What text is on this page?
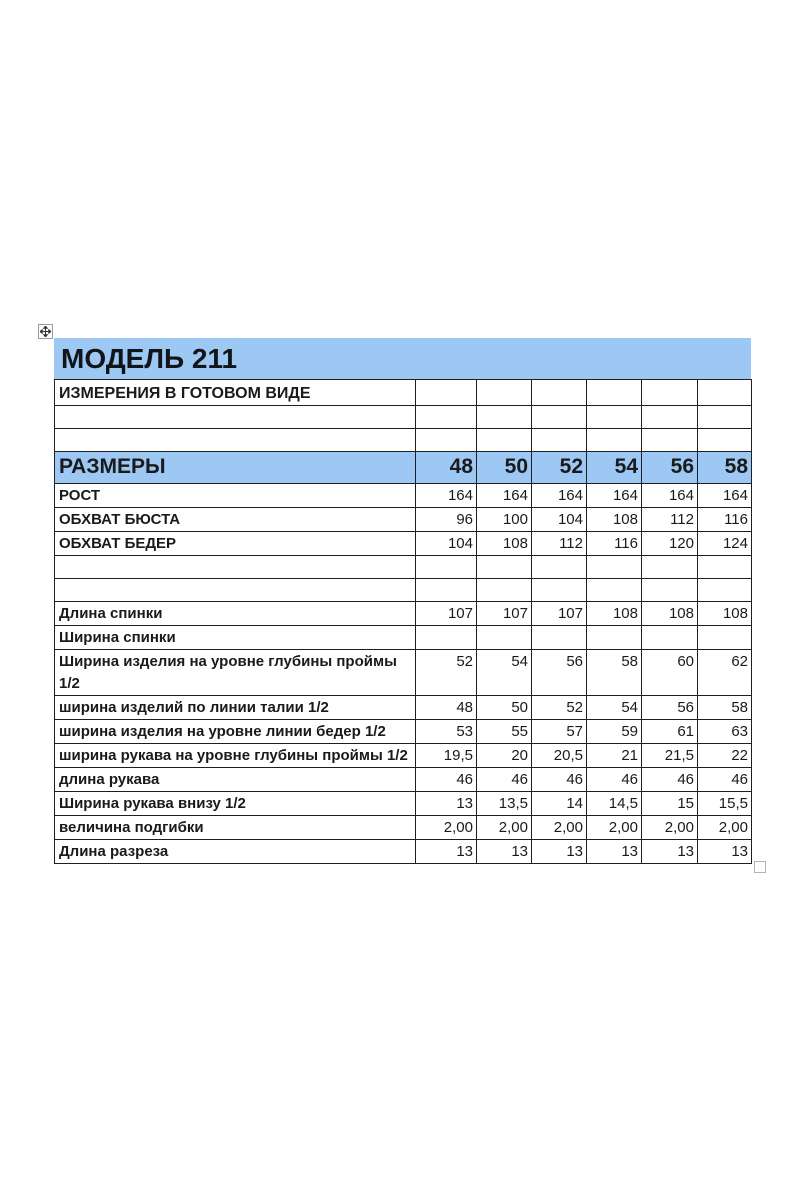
МОДЕЛЬ 211
ИЗМЕРЕНИЯ В ГОТОВОМ ВИДЕ						

РАЗМЕРЫ	48	50	52	54	56	58
РОСТ	164	164	164	164	164	164
ОБХВАТ БЮСТА	96	100	104	108	112	116
ОБХВАТ БЕДЕР	104	108	112	116	120	124

Длина спинки	107	107	107	108	108	108
Ширина спинки						
Ширина изделия на уровне глубины проймы 1/2	52	54	56	58	60	62
ширина изделий по линии талии 1/2	48	50	52	54	56	58
ширина изделия на уровне линии бедер 1/2	53	55	57	59	61	63
ширина рукава на уровне глубины проймы 1/2	19,5	20	20,5	21	21,5	22
длина рукава	46	46	46	46	46	46
Ширина рукава внизу 1/2	13	13,5	14	14,5	15	15,5
величина подгибки	2,00	2,00	2,00	2,00	2,00	2,00
Длина разреза	13	13	13	13	13	13
